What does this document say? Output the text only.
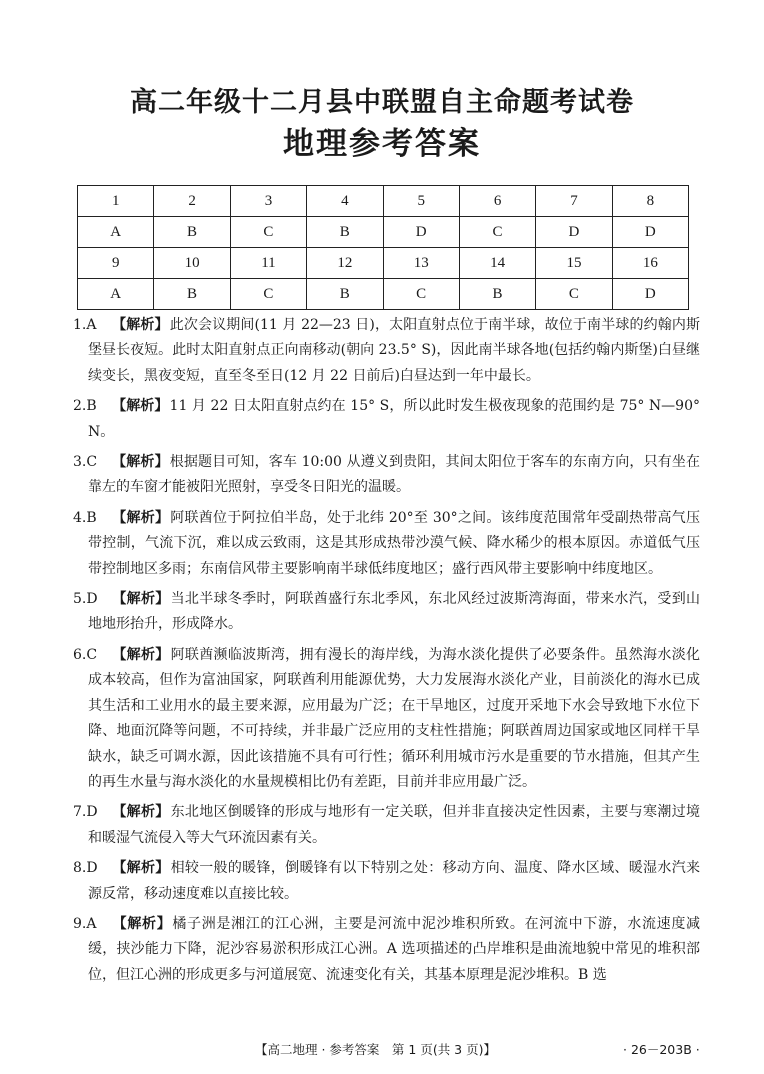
高二年级十二月县中联盟自主命题考试卷
地理参考答案
1	2	3	4	5	6	7	8
A	B	C	B	D	C	D	D
9	10	11	12	13	14	15	16
A	B	C	B	C	B	C	D
1.A	【解析】此次会议期间(11 月 22—23 日)，太阳直射点位于南半球，故位于南半球的约翰内斯堡昼长夜短。此时太阳直射点正向南移动(朝向 23.5° S)，因此南半球各地(包括约翰内斯堡)白昼继续变长，黑夜变短，直至冬至日(12 月 22 日前后)白昼达到一年中最长。
2.B	【解析】11 月 22 日太阳直射点约在 15° S，所以此时发生极夜现象的范围约是 75° N—90° N。
3.C	【解析】根据题目可知，客车 10:00 从遵义到贵阳，其间太阳位于客车的东南方向，只有坐在靠左的车窗才能被阳光照射，享受冬日阳光的温暖。
4.B	【解析】阿联酋位于阿拉伯半岛，处于北纬 20°至 30°之间。该纬度范围常年受副热带高气压带控制，气流下沉，难以成云致雨，这是其形成热带沙漠气候、降水稀少的根本原因。赤道低气压带控制地区多雨；东南信风带主要影响南半球低纬度地区；盛行西风带主要影响中纬度地区。
5.D	【解析】当北半球冬季时，阿联酋盛行东北季风，东北风经过波斯湾海面，带来水汽，受到山地地形抬升，形成降水。
6.C	【解析】阿联酋濒临波斯湾，拥有漫长的海岸线，为海水淡化提供了必要条件。虽然海水淡化成本较高，但作为富油国家，阿联酋利用能源优势，大力发展海水淡化产业，目前淡化的海水已成其生活和工业用水的最主要来源，应用最为广泛；在干旱地区，过度开采地下水会导致地下水位下降、地面沉降等问题，不可持续，并非最广泛应用的支柱性措施；阿联酋周边国家或地区同样干旱缺水，缺乏可调水源，因此该措施不具有可行性；循环利用城市污水是重要的节水措施，但其产生的再生水量与海水淡化的水量规模相比仍有差距，目前并非应用最广泛。
7.D	【解析】东北地区倒暖锋的形成与地形有一定关联，但并非直接决定性因素，主要与寒潮过境和暖湿气流侵入等大气环流因素有关。
8.D	【解析】相较一般的暖锋，倒暖锋有以下特别之处：移动方向、温度、降水区域、暖湿水汽来源反常，移动速度难以直接比较。
9.A	【解析】橘子洲是湘江的江心洲，主要是河流中泥沙堆积所致。在河流中下游，水流速度减缓，挟沙能力下降，泥沙容易淤积形成江心洲。A 选项描述的凸岸堆积是曲流地貌中常见的堆积部位，但江心洲的形成更多与河道展宽、流速变化有关，其基本原理是泥沙堆积。B 选
【高二地理 · 参考答案　第 1 页(共 3 页)】	· 26－203B ·
